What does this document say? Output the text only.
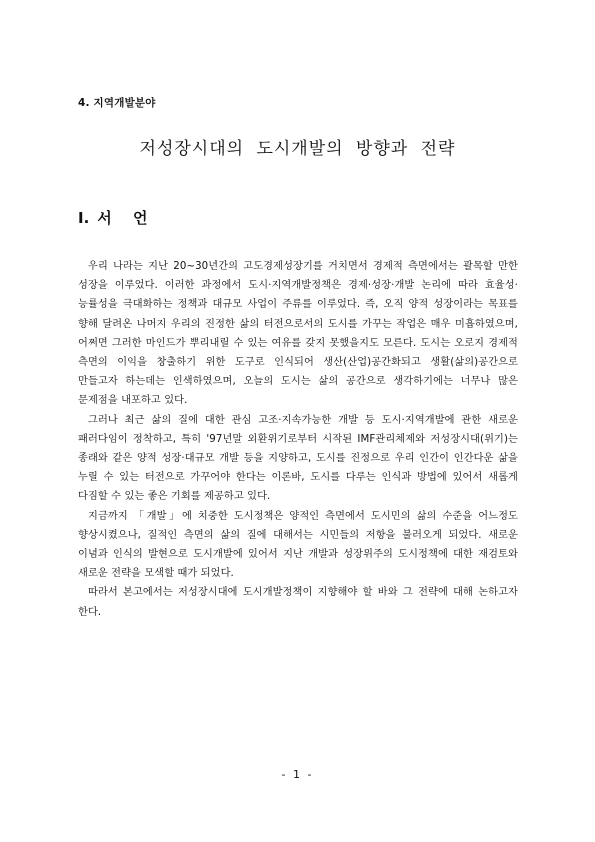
4. 지역개발분야
저성장시대의 도시개발의 방향과 전략
Ⅰ. 서 언

우리 나라는 지난 20~30년간의 고도경제성장기를 거치면서 경제적 측면에서는 괄목할 만한 성장을 이루었다. 이러한 과정에서 도시·지역개발정책은 경제·성장·개발 논리에 따라 효율성·능률성을 극대화하는 정책과 대규모 사업이 주류를 이루었다. 즉, 오직 양적 성장이라는 목표를 향해 달려온 나머지 우리의 진정한 삶의 터전으로서의 도시를 가꾸는 작업은 매우 미흡하였으며, 어쩌면 그러한 마인드가 뿌리내릴 수 있는 여유를 갖지 못했을지도 모른다. 도시는 오로지 경제적 측면의 이익을 창출하기 위한 도구로 인식되어 생산(산업)공간화되고 생활(삶의)공간으로 만들고자 하는데는 인색하였으며, 오늘의 도시는 삶의 공간으로 생각하기에는 너무나 많은 문제점을 내포하고 있다.

그러나 최근 삶의 질에 대한 관심 고조·지속가능한 개발 등 도시·지역개발에 관한 새로운 패러다임이 정착하고, 특히 '97년말 외환위기로부터 시작된 IMF관리체제와 저성장시대(위기)는 종래와 같은 양적 성장·대규모 개발 등을 지양하고, 도시를 진정으로 우리 인간이 인간다운 삶을 누릴 수 있는 터전으로 가꾸어야 한다는 이론바, 도시를 다루는 인식과 방법에 있어서 새롭게 다짐할 수 있는 좋은 기회를 제공하고 있다.

지금까지 「개발」에 치중한 도시정책은 양적인 측면에서 도시민의 삶의 수준을 어느정도 향상시켰으나, 질적인 측면의 삶의 질에 대해서는 시민들의 저항을 불러오게 되었다. 새로운 이념과 인식의 발현으로 도시개발에 있어서 지난 개발과 성장위주의 도시정책에 대한 재검토와 새로운 전략을 모색할 때가 되었다.

따라서 본고에서는 저성장시대에 도시개발정책이 지향해야 할 바와 그 전략에 대해 논하고자 한다.

- 1 -
